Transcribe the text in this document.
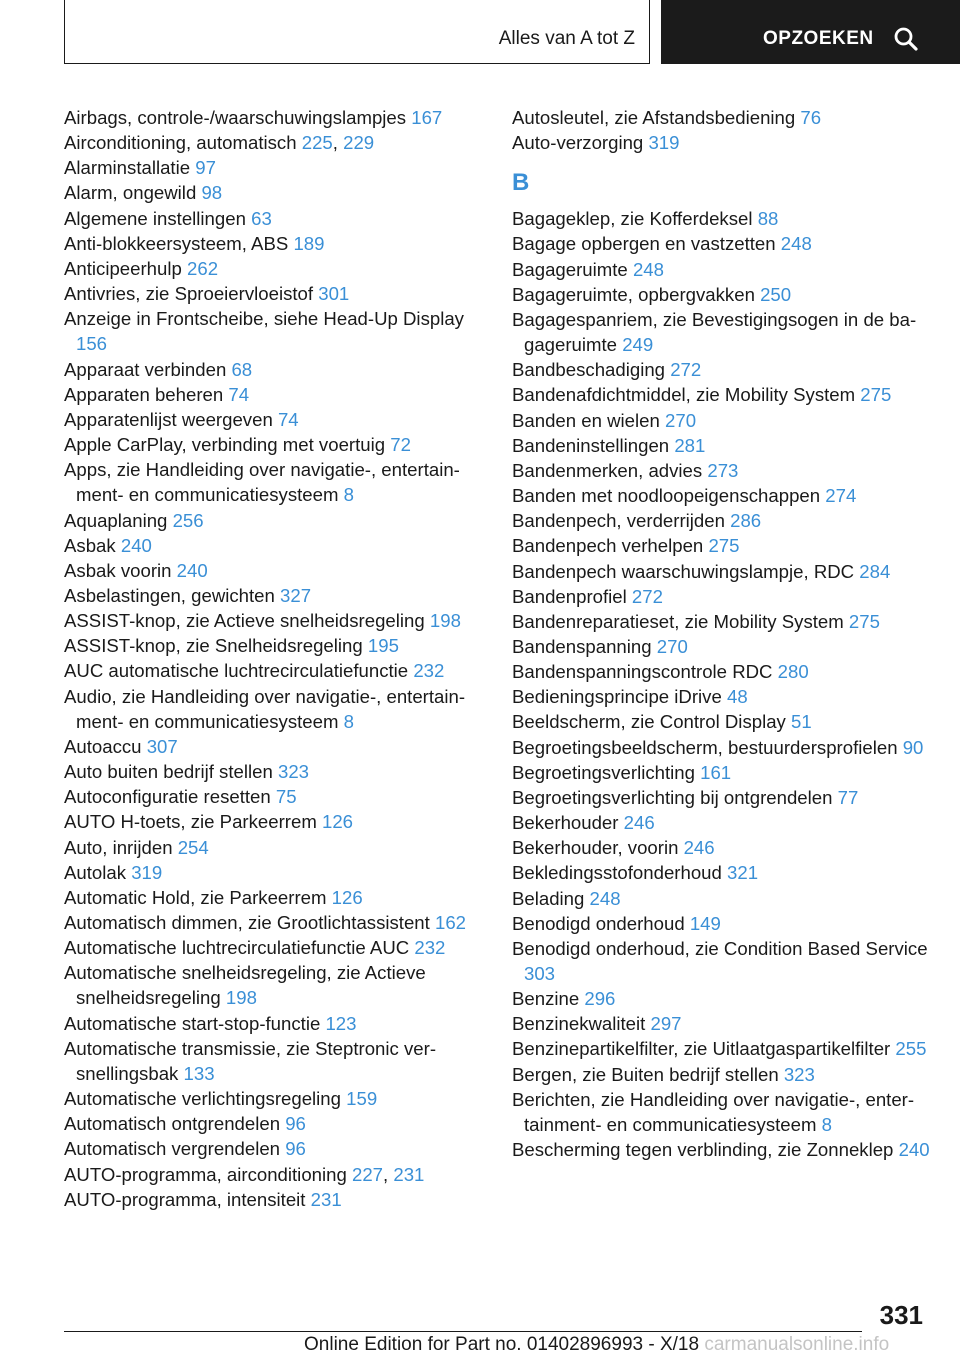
Alles van A tot Z	OPZOEKEN
Airbags, controle-/waarschuwingslampjes 167
Airconditioning, automatisch 225, 229
Alarminstallatie 97
Alarm, ongewild 98
Algemene instellingen 63
Anti-blokkeersysteem, ABS 189
Anticipeerhulp 262
Antivries, zie Sproeiervloeistof 301
Anzeige in Frontscheibe, siehe Head-Up Display 156
Apparaat verbinden 68
Apparaten beheren 74
Apparatenlijst weergeven 74
Apple CarPlay, verbinding met voertuig 72
Apps, zie Handleiding over navigatie-, entertainment- en communicatiesysteem 8
Aquaplaning 256
Asbak 240
Asbak voorin 240
Asbelastingen, gewichten 327
ASSIST-knop, zie Actieve snelheidsregeling 198
ASSIST-knop, zie Snelheidsregeling 195
AUC automatische luchtrecirculatiefunctie 232
Audio, zie Handleiding over navigatie-, entertainment- en communicatiesysteem 8
Autoaccu 307
Auto buiten bedrijf stellen 323
Autoconfiguratie resetten 75
AUTO H-toets, zie Parkeerrem 126
Auto, inrijden 254
Autolak 319
Automatic Hold, zie Parkeerrem 126
Automatisch dimmen, zie Grootlichtassistent 162
Automatische luchtrecirculatiefunctie AUC 232
Automatische snelheidsregeling, zie Actieve snelheidsregeling 198
Automatische start-stop-functie 123
Automatische transmissie, zie Steptronic versnellingsbak 133
Automatische verlichtingsregeling 159
Automatisch ontgrendelen 96
Automatisch vergrendelen 96
AUTO-programma, airconditioning 227, 231
AUTO-programma, intensiteit 231
Autosleutel, zie Afstandsbediening 76
Auto-verzorging 319
B
Bagageklep, zie Kofferdeksel 88
Bagage opbergen en vastzetten 248
Bagageruimte 248
Bagageruimte, opbergvakken 250
Bagagespanriem, zie Bevestigingsogen in de bagageruimte 249
Bandbeschadiging 272
Bandenafdichtmiddel, zie Mobility System 275
Banden en wielen 270
Bandeninstellingen 281
Bandenmerken, advies 273
Banden met noodloopeigenschappen 274
Bandenpech, verderrijden 286
Bandenpech verhelpen 275
Bandenpech waarschuwingslampje, RDC 284
Bandenprofiel 272
Bandenreparatieset, zie Mobility System 275
Bandenspanning 270
Bandenspanningscontrole RDC 280
Bedieningsprincipe iDrive 48
Beeldscherm, zie Control Display 51
Begroetingsbeeldscherm, bestuurdersprofielen 90
Begroetingsverlichting 161
Begroetingsverlichting bij ontgrendelen 77
Bekerhouder 246
Bekerhouder, voorin 246
Bekledingsstofonderhoud 321
Belading 248
Benodigd onderhoud 149
Benodigd onderhoud, zie Condition Based Service 303
Benzine 296
Benzinekwaliteit 297
Benzinepartikelfilter, zie Uitlaatgaspartikelfilter 255
Bergen, zie Buiten bedrijf stellen 323
Berichten, zie Handleiding over navigatie-, entertainment- en communicatiesysteem 8
Bescherming tegen verblinding, zie Zonneklep 240
331
Online Edition for Part no. 01402896993 - X/18 carmanualsonline.info
